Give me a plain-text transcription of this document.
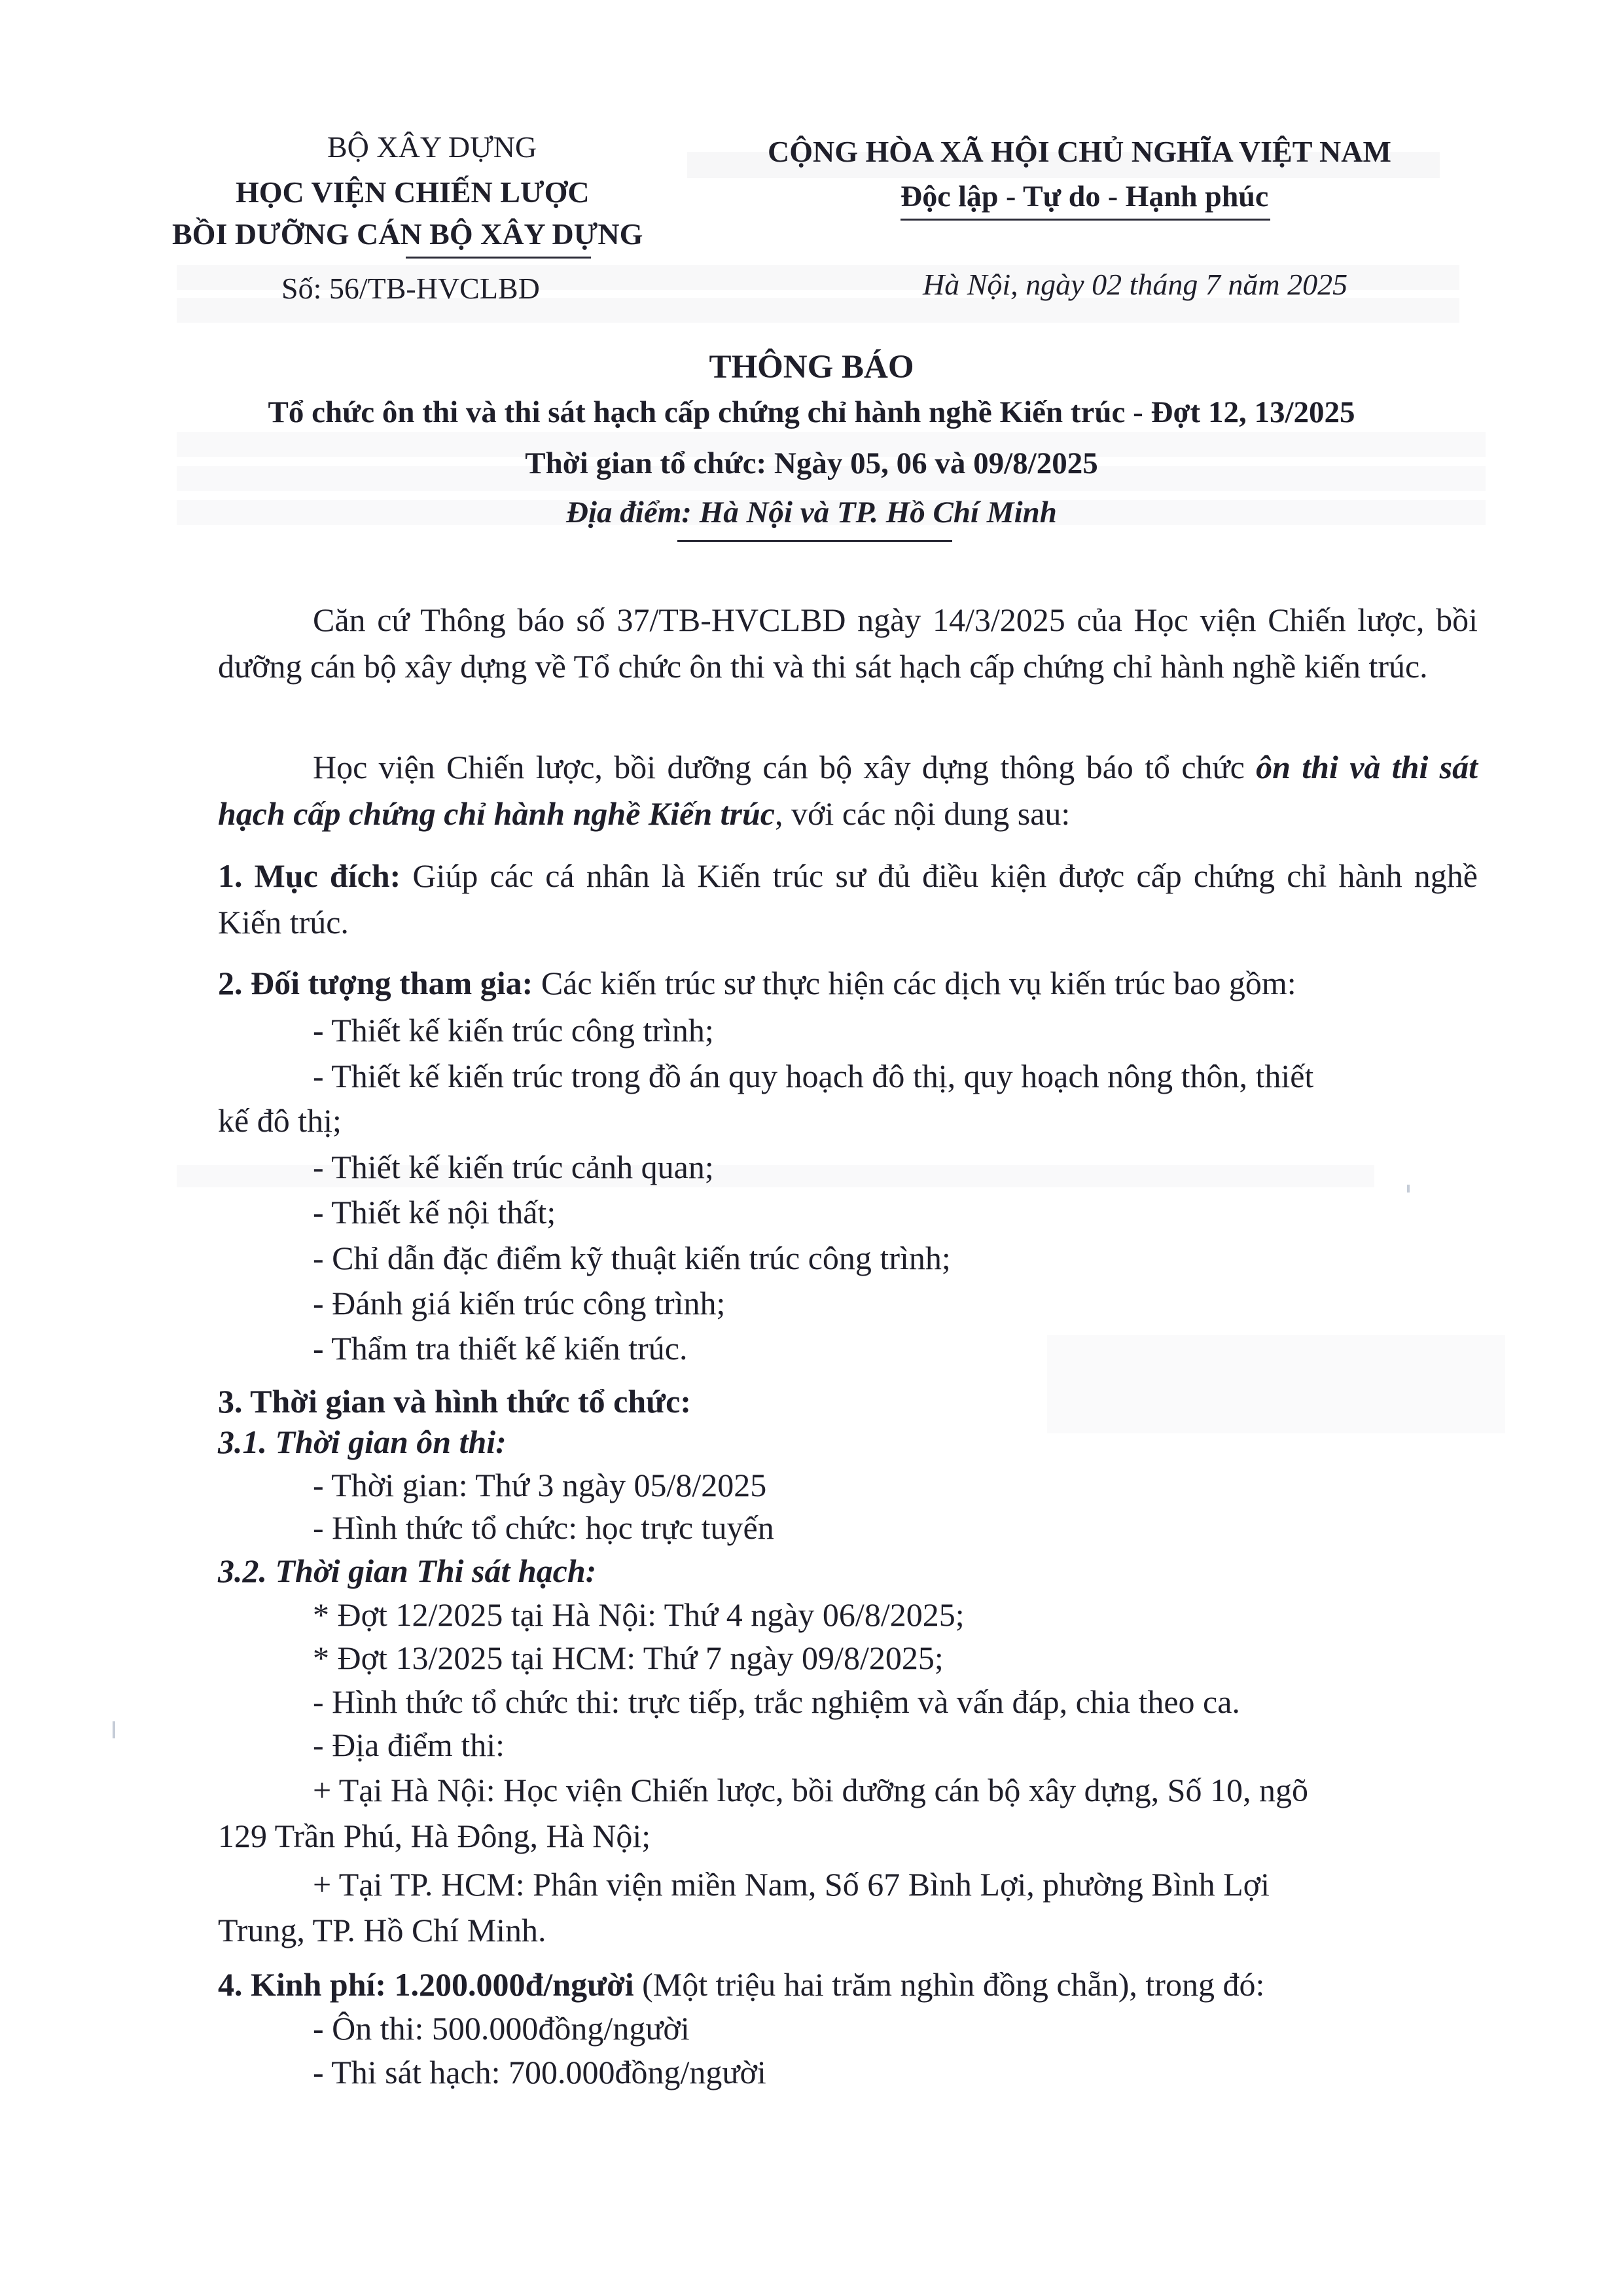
BỘ XÂY DỰNG
HỌC VIỆN CHIẾN LƯỢC
BỒI DƯỠNG CÁN BỘ XÂY DỰNG
Số: 56/TB-HVCLBD
CỘNG HÒA XÃ HỘI CHỦ NGHĨA VIỆT NAM
Độc lập - Tự do - Hạnh phúc
Hà Nội, ngày 02 tháng 7 năm 2025
THÔNG BÁO
Tổ chức ôn thi và thi sát hạch cấp chứng chỉ hành nghề Kiến trúc - Đợt 12, 13/2025
Thời gian tổ chức: Ngày 05, 06 và 09/8/2025
Địa điểm: Hà Nội và TP. Hồ Chí Minh
Căn cứ Thông báo số 37/TB-HVCLBD ngày 14/3/2025 của Học viện Chiến lược, bồi dưỡng cán bộ xây dựng về Tổ chức ôn thi và thi sát hạch cấp chứng chỉ hành nghề kiến trúc.
Học viện Chiến lược, bồi dưỡng cán bộ xây dựng thông báo tổ chức ôn thi và thi sát hạch cấp chứng chỉ hành nghề Kiến trúc, với các nội dung sau:
1. Mục đích: Giúp các cá nhân là Kiến trúc sư đủ điều kiện được cấp chứng chỉ hành nghề Kiến trúc.
2. Đối tượng tham gia: Các kiến trúc sư thực hiện các dịch vụ kiến trúc bao gồm:
- Thiết kế kiến trúc công trình;
- Thiết kế kiến trúc trong đồ án quy hoạch đô thị, quy hoạch nông thôn, thiết
kế đô thị;
- Thiết kế kiến trúc cảnh quan;
- Thiết kế nội thất;
- Chỉ dẫn đặc điểm kỹ thuật kiến trúc công trình;
- Đánh giá kiến trúc công trình;
- Thẩm tra thiết kế kiến trúc.
3. Thời gian và hình thức tổ chức:
3.1. Thời gian ôn thi:
- Thời gian: Thứ 3 ngày 05/8/2025
- Hình thức tổ chức: học trực tuyến
3.2. Thời gian Thi sát hạch:
* Đợt 12/2025 tại Hà Nội: Thứ 4 ngày 06/8/2025;
* Đợt 13/2025 tại HCM: Thứ 7 ngày 09/8/2025;
- Hình thức tổ chức thi: trực tiếp, trắc nghiệm và vấn đáp, chia theo ca.
- Địa điểm thi:
+ Tại Hà Nội: Học viện Chiến lược, bồi dưỡng cán bộ xây dựng, Số 10, ngõ
129 Trần Phú, Hà Đông, Hà Nội;
+ Tại TP. HCM: Phân viện miền Nam, Số 67 Bình Lợi, phường Bình Lợi
Trung, TP. Hồ Chí Minh.
4. Kinh phí: 1.200.000đ/người (Một triệu hai trăm nghìn đồng chẵn), trong đó:
- Ôn thi: 500.000đồng/người
- Thi sát hạch: 700.000đồng/người
